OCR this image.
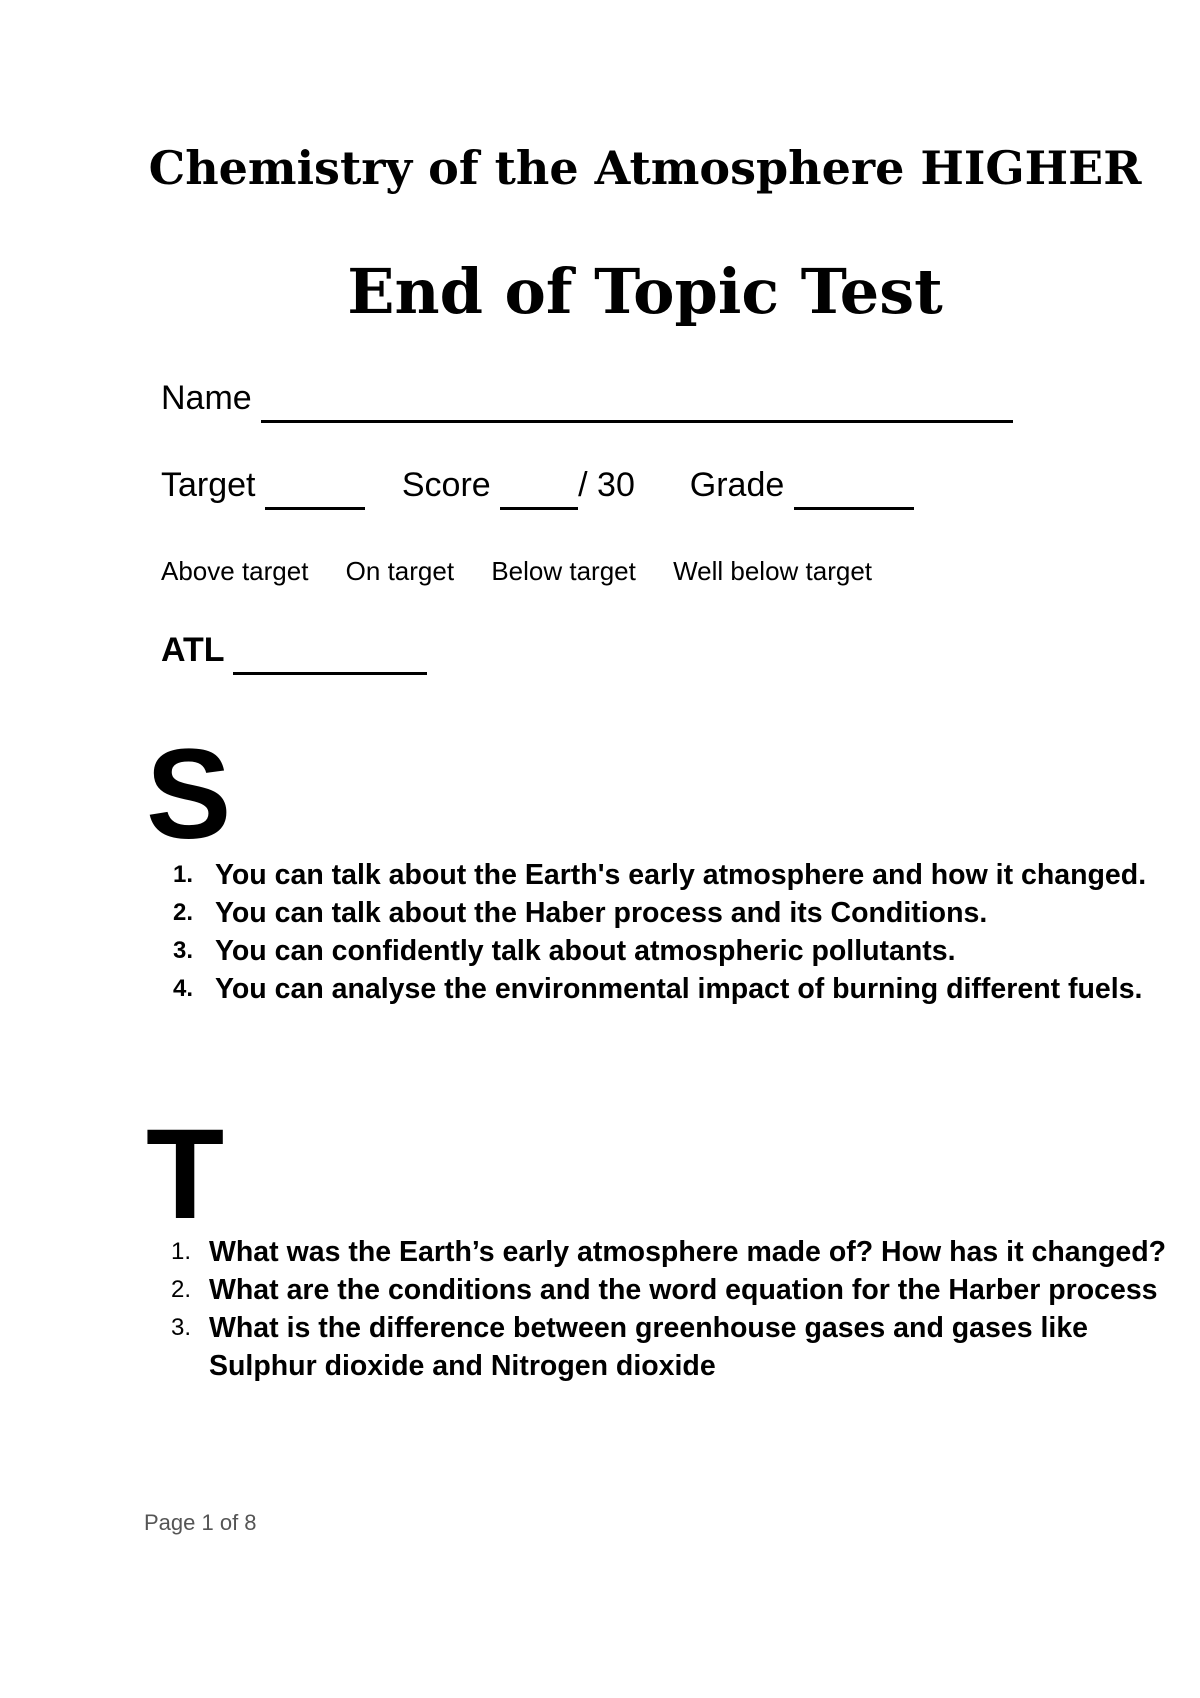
Chemistry of the Atmosphere HIGHER
End of Topic Test
Name
Target	Score	/ 30 Grade
Above target On target Below target Well below target
ATL
S
1. You can talk about the Earth's early atmosphere and how it changed.
2. You can talk about the Haber process and its Conditions.
3. You can confidently talk about atmospheric pollutants.
4. You can analyse the environmental impact of burning different fuels.
T
1. What was the Earth’s early atmosphere made of? How has it changed?
2. What are the conditions and the word equation for the Harber process
3. What is the difference between greenhouse gases and gases like Sulphur dioxide and Nitrogen dioxide
Page 1 of 8
